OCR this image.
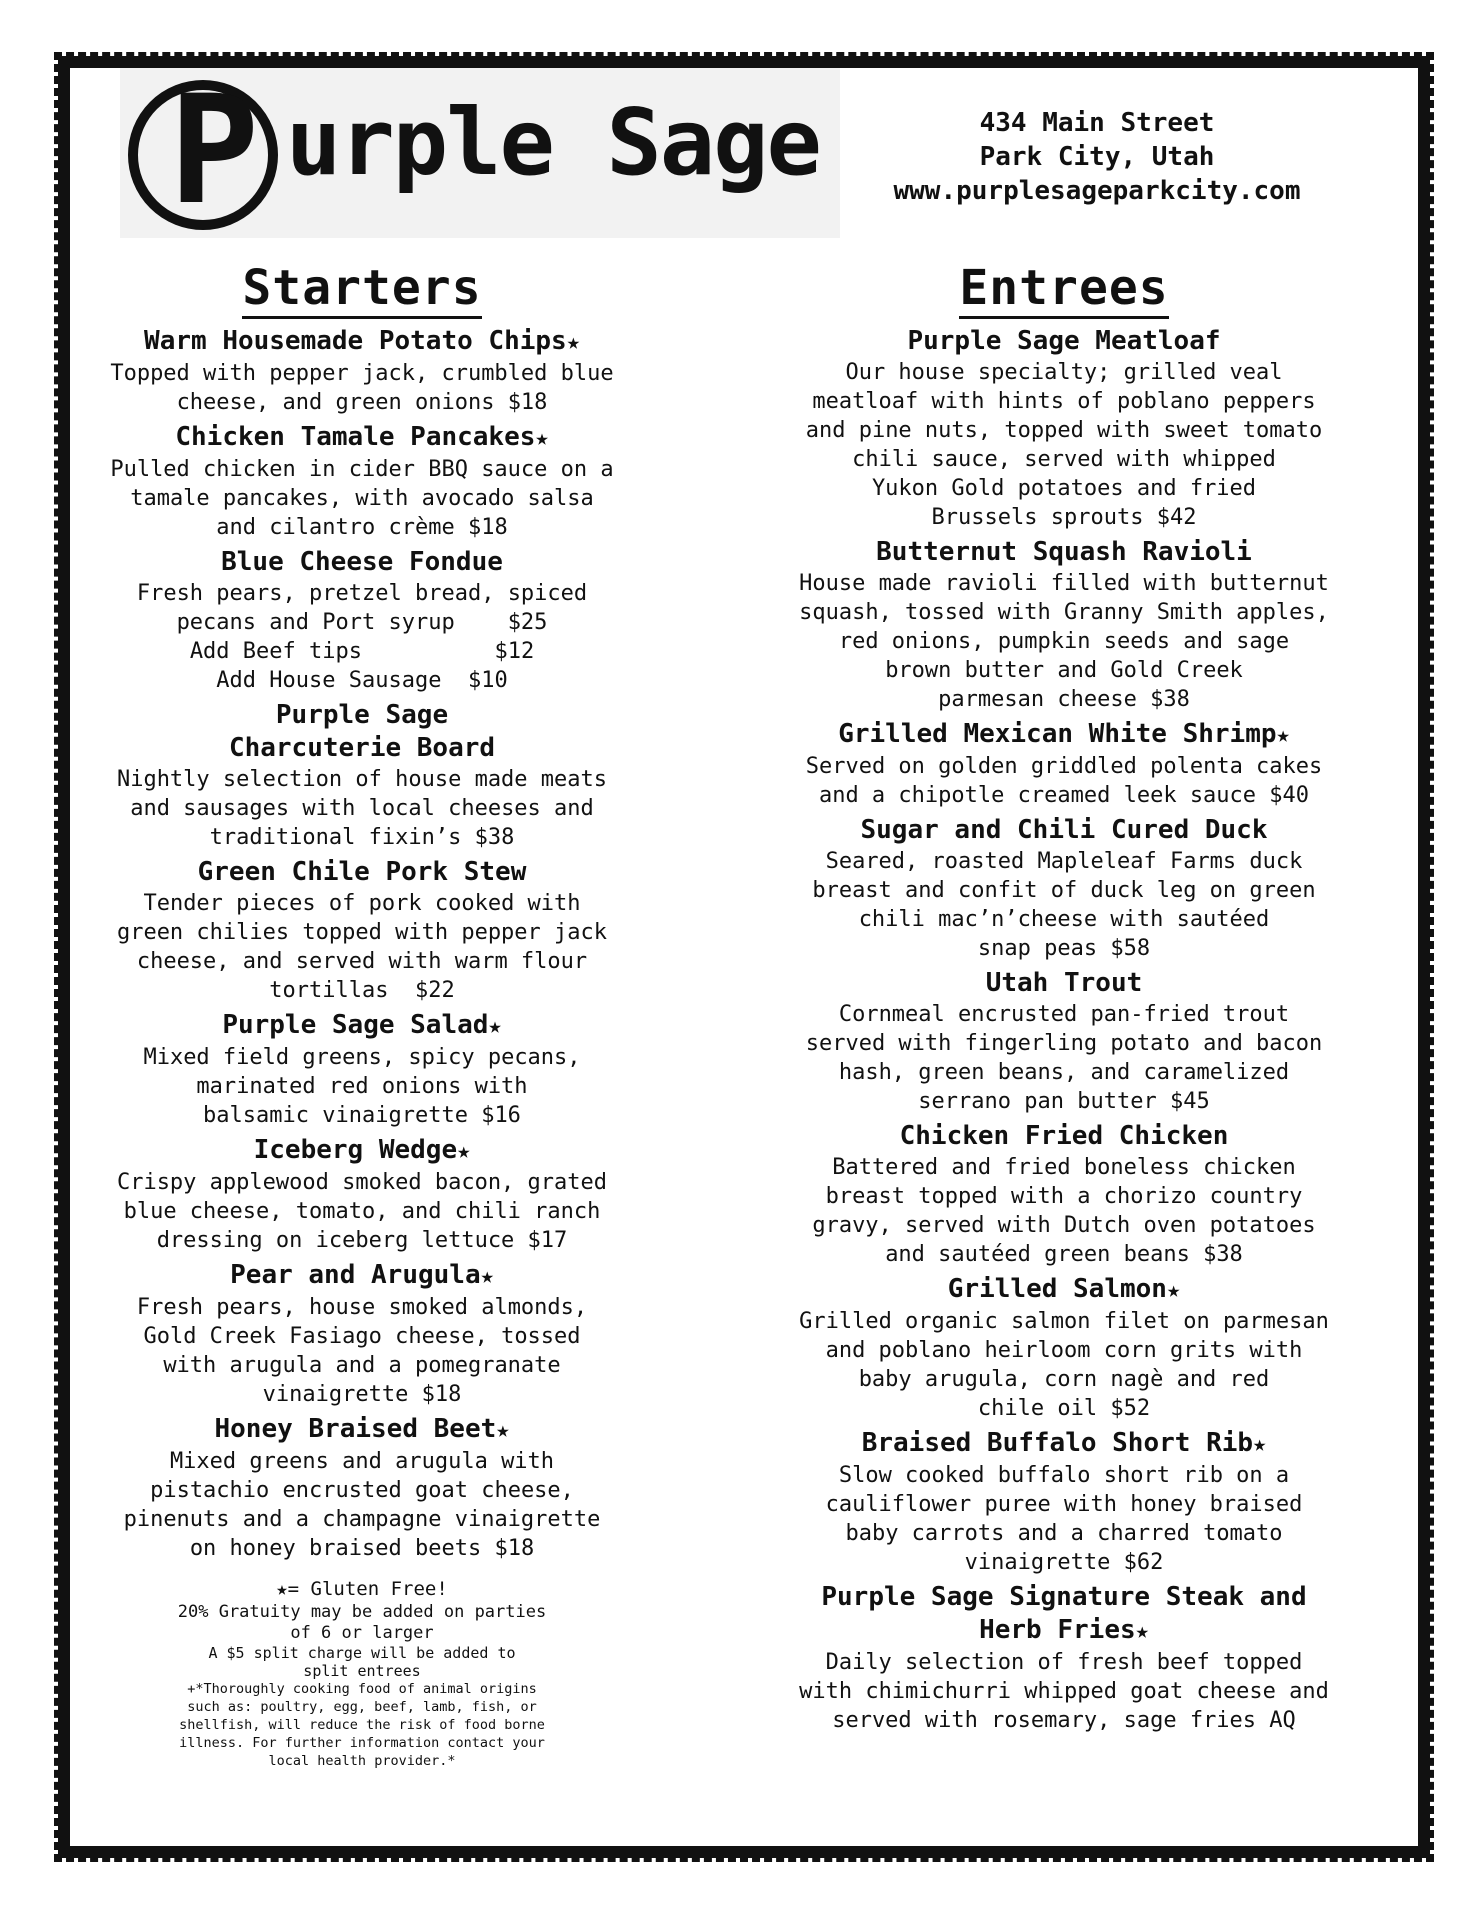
P urple Sage	434 Main Street
Park City, Utah
www.purplesageparkcity.com
Starters
Warm Housemade Potato Chips★
Topped with pepper jack, crumbled blue
cheese, and green onions $18
Chicken Tamale Pancakes★
Pulled chicken in cider BBQ sauce on a
tamale pancakes, with avocado salsa
and cilantro crème $18
Blue Cheese Fondue
Fresh pears, pretzel bread, spiced
pecans and Port syrup    $25
Add Beef tips          $12
Add House Sausage  $10
Purple Sage
Charcuterie Board
Nightly selection of house made meats
and sausages with local cheeses and
traditional fixin’s $38
Green Chile Pork Stew
Tender pieces of pork cooked with
green chilies topped with pepper jack
cheese, and served with warm flour
tortillas  $22
Purple Sage Salad★
Mixed field greens, spicy pecans,
marinated red onions with
balsamic vinaigrette $16
Iceberg Wedge★
Crispy applewood smoked bacon, grated
blue cheese, tomato, and chili ranch
dressing on iceberg lettuce $17
Pear and Arugula★
Fresh pears, house smoked almonds,
Gold Creek Fasiago cheese, tossed
with arugula and a pomegranate
vinaigrette $18
Honey Braised Beet★
Mixed greens and arugula with
pistachio encrusted goat cheese,
pinenuts and a champagne vinaigrette
on honey braised beets $18
★= Gluten Free!
20% Gratuity may be added on parties
of 6 or larger
A $5 split charge will be added to
split entrees
+*Thoroughly cooking food of animal origins
such as: poultry, egg, beef, lamb, fish, or
shellfish, will reduce the risk of food borne
illness. For further information contact your
local health provider.*
Entrees
Purple Sage Meatloaf
Our house specialty; grilled veal
meatloaf with hints of poblano peppers
and pine nuts, topped with sweet tomato
chili sauce, served with whipped
Yukon Gold potatoes and fried
Brussels sprouts $42
Butternut Squash Ravioli
House made ravioli filled with butternut
squash, tossed with Granny Smith apples,
red onions, pumpkin seeds and sage
brown butter and Gold Creek
parmesan cheese $38
Grilled Mexican White Shrimp★
Served on golden griddled polenta cakes
and a chipotle creamed leek sauce $40
Sugar and Chili Cured Duck
Seared, roasted Mapleleaf Farms duck
breast and confit of duck leg on green
chili mac’n’cheese with sautéed
snap peas $58
Utah Trout
Cornmeal encrusted pan-fried trout
served with fingerling potato and bacon
hash, green beans, and caramelized
serrano pan butter $45
Chicken Fried Chicken
Battered and fried boneless chicken
breast topped with a chorizo country
gravy, served with Dutch oven potatoes
and sautéed green beans $38
Grilled Salmon★
Grilled organic salmon filet on parmesan
and poblano heirloom corn grits with
baby arugula, corn nagè and red
chile oil $52
Braised Buffalo Short Rib★
Slow cooked buffalo short rib on a
cauliflower puree with honey braised
baby carrots and a charred tomato
vinaigrette $62
Purple Sage Signature Steak and
Herb Fries★
Daily selection of fresh beef topped
with chimichurri whipped goat cheese and
served with rosemary, sage fries AQ
